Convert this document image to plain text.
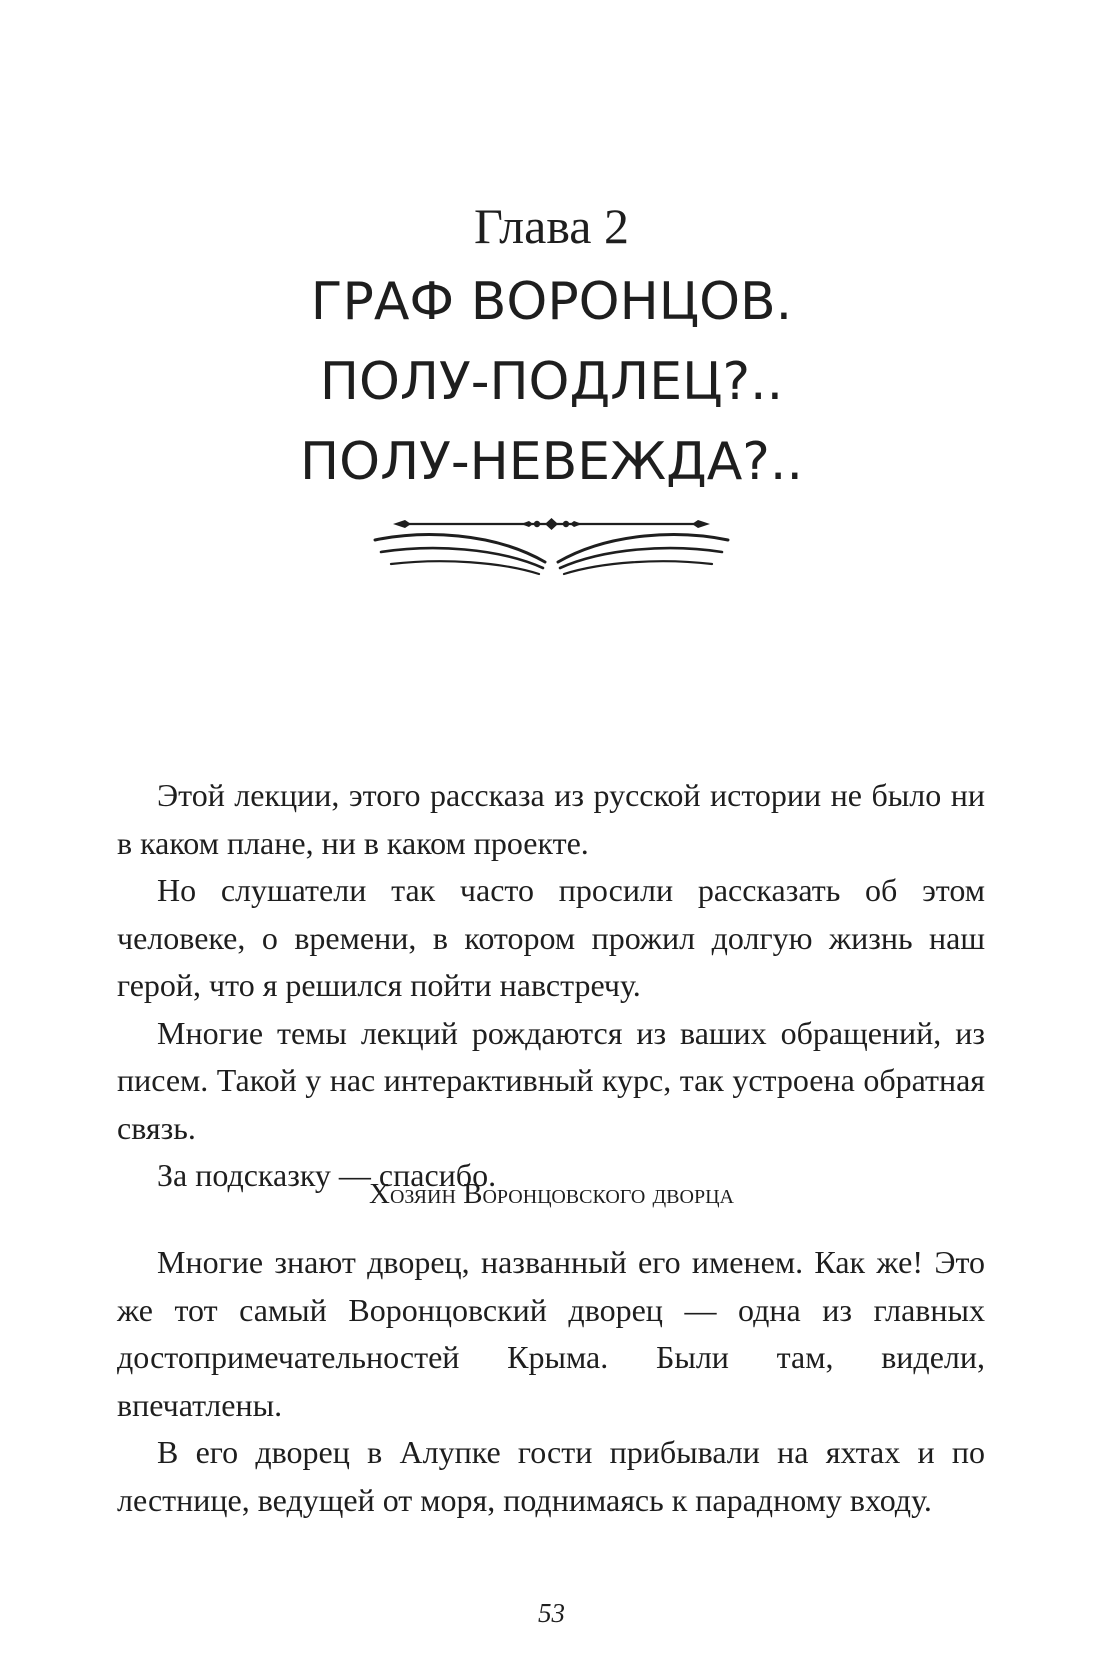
Глава 2
ГРАФ ВОРОНЦОВ.
ПОЛУ-ПОДЛЕЦ?..
ПОЛУ-НЕВЕЖДА?..

Этой лекции, этого рассказа из русской истории не было ни в каком плане, ни в каком проекте.

Но слушатели так часто просили рассказать об этом человеке, о времени, в котором прожил долгую жизнь наш герой, что я решился пойти навстречу.

Многие темы лекций рождаются из ваших обращений, из писем. Такой у нас интерактивный курс, так устроена обратная связь.

За подсказку — спасибо.

Хозяин Воронцовского дворца

Многие знают дворец, названный его именем. Как же! Это же тот самый Воронцовский дворец — одна из главных достопримечательностей Крыма. Были там, видели, впечатлены.

В его дворец в Алупке гости прибывали на яхтах и по лестнице, ведущей от моря, поднимаясь к парадному входу.

53
